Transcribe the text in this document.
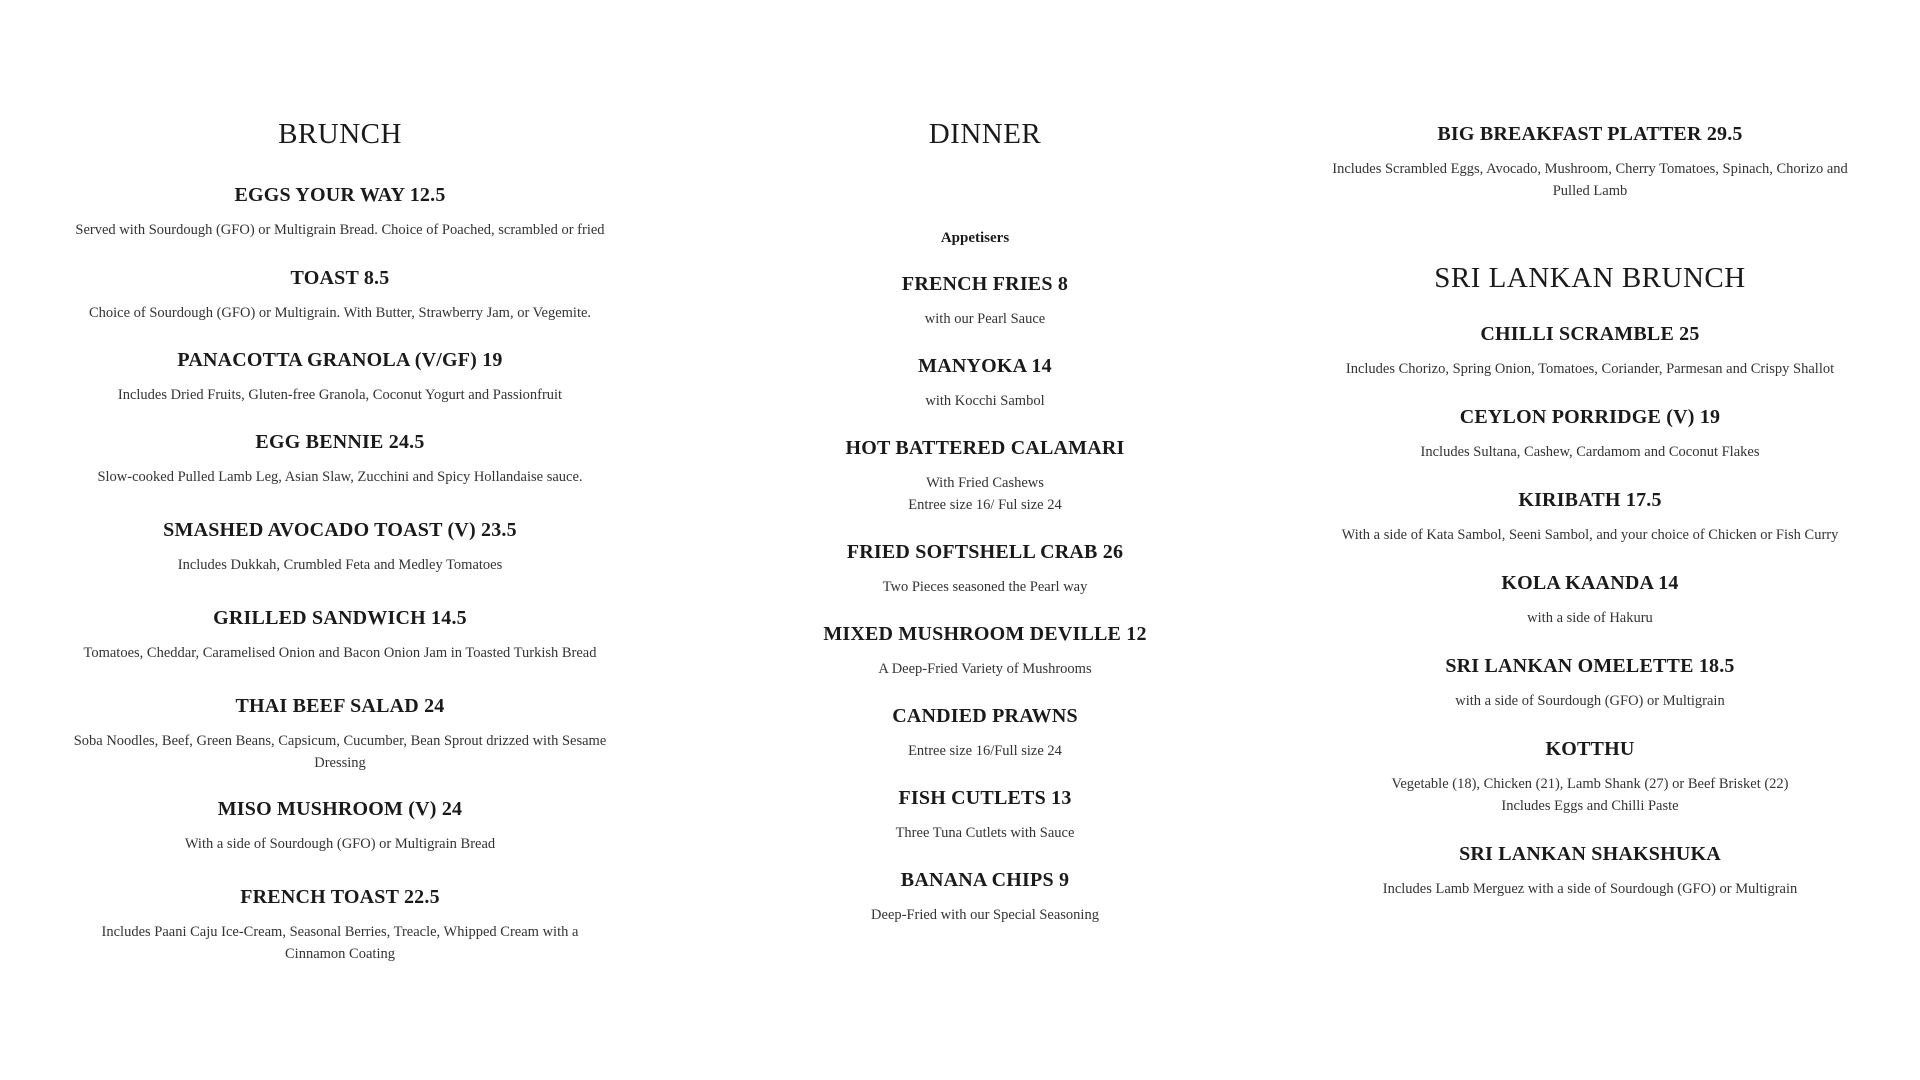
BRUNCH
EGGS YOUR WAY 12.5
Served with Sourdough (GFO) or Multigrain Bread. Choice of Poached, scrambled or fried
TOAST 8.5
Choice of Sourdough (GFO) or Multigrain. With Butter, Strawberry Jam, or Vegemite.
PANACOTTA GRANOLA (V/GF) 19
Includes Dried Fruits, Gluten-free Granola, Coconut Yogurt and Passionfruit
EGG BENNIE 24.5
Slow-cooked Pulled Lamb Leg, Asian Slaw, Zucchini and Spicy Hollandaise sauce.
SMASHED AVOCADO TOAST (V) 23.5
Includes Dukkah, Crumbled Feta and Medley Tomatoes
GRILLED SANDWICH 14.5
Tomatoes, Cheddar, Caramelised Onion and Bacon Onion Jam in Toasted Turkish Bread
THAI BEEF SALAD 24
Soba Noodles, Beef, Green Beans, Capsicum, Cucumber, Bean Sprout drizzed with Sesame Dressing
MISO MUSHROOM (V) 24
With a side of Sourdough (GFO) or Multigrain Bread
FRENCH TOAST 22.5
Includes Paani Caju Ice-Cream, Seasonal Berries, Treacle, Whipped Cream with a Cinnamon Coating
DINNER
Appetisers
FRENCH FRIES 8
with our Pearl Sauce
MANYOKA 14
with Kocchi Sambol
HOT BATTERED CALAMARI
With Fried Cashews
Entree size 16/ Ful size 24
FRIED SOFTSHELL CRAB 26
Two Pieces seasoned the Pearl way
MIXED MUSHROOM DEVILLE 12
A Deep-Fried Variety of Mushrooms
CANDIED PRAWNS
Entree size 16/Full size 24
FISH CUTLETS 13
Three Tuna Cutlets with Sauce
BANANA CHIPS 9
Deep-Fried with our Special Seasoning
BIG BREAKFAST PLATTER 29.5
Includes Scrambled Eggs, Avocado, Mushroom, Cherry Tomatoes, Spinach, Chorizo and Pulled Lamb
SRI LANKAN BRUNCH
CHILLI SCRAMBLE 25
Includes Chorizo, Spring Onion, Tomatoes, Coriander, Parmesan and Crispy Shallot
CEYLON PORRIDGE (V) 19
Includes Sultana, Cashew, Cardamom and Coconut Flakes
KIRIBATH 17.5
With a side of Kata Sambol, Seeni Sambol, and your choice of Chicken or Fish Curry
KOLA KAANDA 14
with a side of Hakuru
SRI LANKAN OMELETTE 18.5
with a side of Sourdough (GFO) or Multigrain
KOTTHU
Vegetable (18), Chicken (21), Lamb Shank (27) or Beef Brisket (22)
Includes Eggs and Chilli Paste
SRI LANKAN SHAKSHUKA
Includes Lamb Merguez with a side of Sourdough (GFO) or Multigrain
